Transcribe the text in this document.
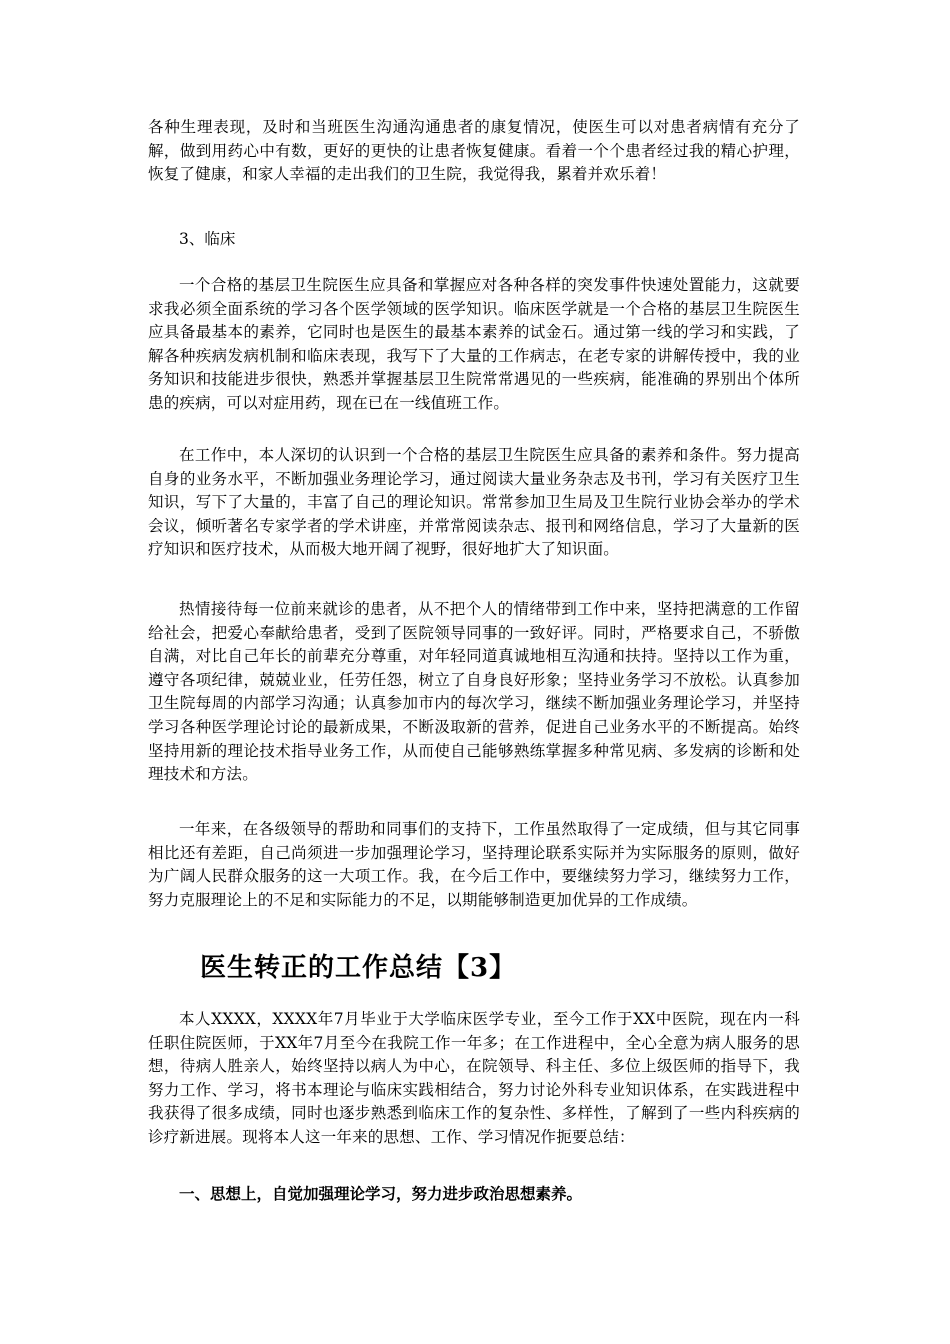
各种生理表现，及时和当班医生沟通沟通患者的康复情况，使医生可以对患者病情有充分了解，做到用药心中有数，更好的更快的让患者恢复健康。看着一个个患者经过我的精心护理，恢复了健康，和家人幸福的走出我们的卫生院，我觉得我，累着并欢乐着！
3、临床
一个合格的基层卫生院医生应具备和掌握应对各种各样的突发事件快速处置能力，这就要求我必须全面系统的学习各个医学领域的医学知识。临床医学就是一个合格的基层卫生院医生应具备最基本的素养，它同时也是医生的最基本素养的试金石。通过第一线的学习和实践，了解各种疾病发病机制和临床表现，我写下了大量的工作病志，在老专家的讲解传授中，我的业务知识和技能进步很快，熟悉并掌握基层卫生院常常遇见的一些疾病，能准确的界别出个体所患的疾病，可以对症用药，现在已在一线值班工作。
在工作中，本人深切的认识到一个合格的基层卫生院医生应具备的素养和条件。努力提高自身的业务水平，不断加强业务理论学习，通过阅读大量业务杂志及书刊，学习有关医疗卫生知识，写下了大量的，丰富了自己的理论知识。常常参加卫生局及卫生院行业协会举办的学术会议，倾听著名专家学者的学术讲座，并常常阅读杂志、报刊和网络信息，学习了大量新的医疗知识和医疗技术，从而极大地开阔了视野，很好地扩大了知识面。
热情接待每一位前来就诊的患者，从不把个人的情绪带到工作中来，坚持把满意的工作留给社会，把爱心奉献给患者，受到了医院领导同事的一致好评。同时，严格要求自己，不骄傲自满，对比自己年长的前辈充分尊重，对年轻同道真诚地相互沟通和扶持。坚持以工作为重，遵守各项纪律，兢兢业业，任劳任怨，树立了自身良好形象；坚持业务学习不放松。认真参加卫生院每周的内部学习沟通；认真参加市内的每次学习，继续不断加强业务理论学习，并坚持学习各种医学理论讨论的最新成果，不断汲取新的营养，促进自己业务水平的不断提高。始终坚持用新的理论技术指导业务工作，从而使自己能够熟练掌握多种常见病、多发病的诊断和处理技术和方法。
一年来，在各级领导的帮助和同事们的支持下，工作虽然取得了一定成绩，但与其它同事相比还有差距，自己尚须进一步加强理论学习，坚持理论联系实际并为实际服务的原则，做好为广阔人民群众服务的这一大项工作。我，在今后工作中，要继续努力学习，继续努力工作，努力克服理论上的不足和实际能力的不足，以期能够制造更加优异的工作成绩。
医生转正的工作总结【3】
本人XXXX，XXXX年7月毕业于大学临床医学专业，至今工作于XX中医院，现在内一科任职住院医师，于XX年7月至今在我院工作一年多；在工作进程中，全心全意为病人服务的思想，待病人胜亲人，始终坚持以病人为中心，在院领导、科主任、多位上级医师的指导下，我努力工作、学习，将书本理论与临床实践相结合，努力讨论外科专业知识体系，在实践进程中我获得了很多成绩，同时也逐步熟悉到临床工作的复杂性、多样性，了解到了一些内科疾病的诊疗新进展。现将本人这一年来的思想、工作、学习情况作扼要总结：
一、思想上，自觉加强理论学习，努力进步政治思想素养。
